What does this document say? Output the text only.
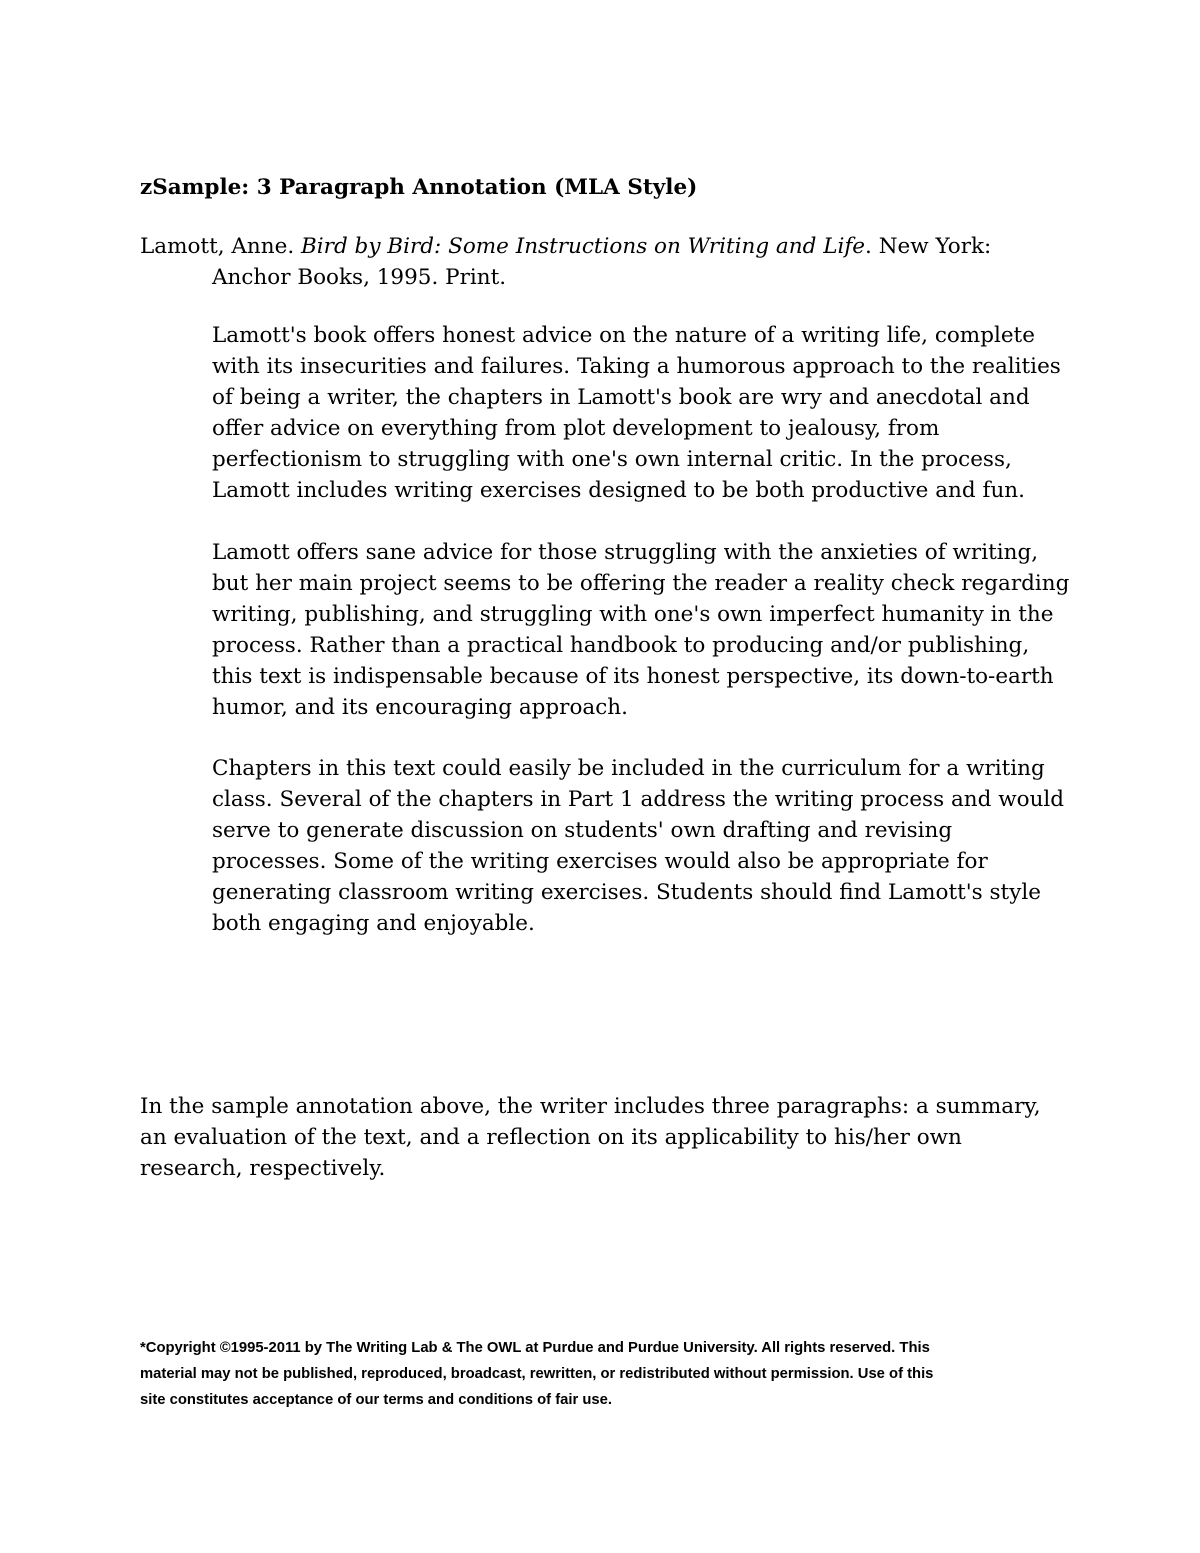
zSample: 3 Paragraph Annotation (MLA Style)

Lamott, Anne. Bird by Bird: Some Instructions on Writing and Life. New York:
Anchor Books, 1995. Print.

Lamott's book offers honest advice on the nature of a writing life, complete
with its insecurities and failures. Taking a humorous approach to the realities
of being a writer, the chapters in Lamott's book are wry and anecdotal and
offer advice on everything from plot development to jealousy, from
perfectionism to struggling with one's own internal critic. In the process,
Lamott includes writing exercises designed to be both productive and fun.

Lamott offers sane advice for those struggling with the anxieties of writing,
but her main project seems to be offering the reader a reality check regarding
writing, publishing, and struggling with one's own imperfect humanity in the
process. Rather than a practical handbook to producing and/or publishing,
this text is indispensable because of its honest perspective, its down-to-earth
humor, and its encouraging approach.

Chapters in this text could easily be included in the curriculum for a writing
class. Several of the chapters in Part 1 address the writing process and would
serve to generate discussion on students' own drafting and revising
processes. Some of the writing exercises would also be appropriate for
generating classroom writing exercises. Students should find Lamott's style
both engaging and enjoyable.

In the sample annotation above, the writer includes three paragraphs: a summary,
an evaluation of the text, and a reflection on its applicability to his/her own
research, respectively.

*Copyright ©1995-2011 by The Writing Lab & The OWL at Purdue and Purdue University. All rights reserved. This
material may not be published, reproduced, broadcast, rewritten, or redistributed without permission. Use of this
site constitutes acceptance of our terms and conditions of fair use.
